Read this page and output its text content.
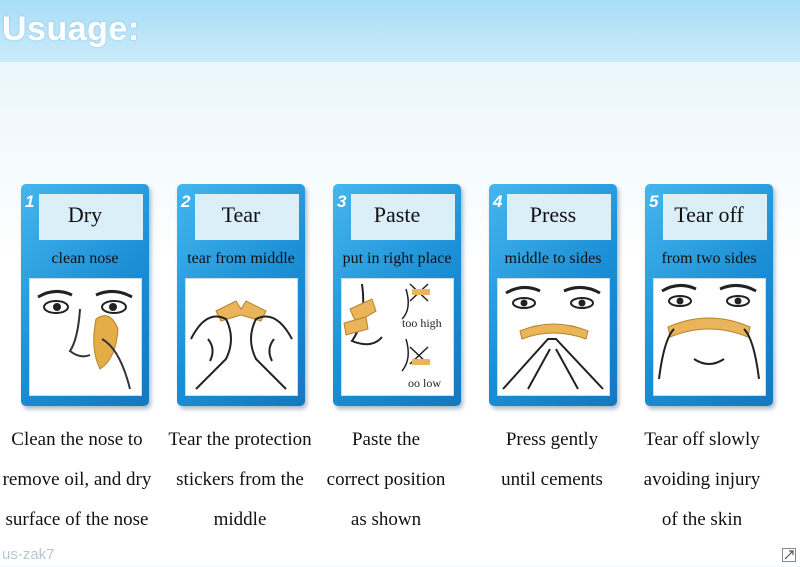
Usuage:
1
Dry
clean nose
2
Tear
tear from middle
3
Paste
put in right place
too high
oo low
4
Press
middle to sides
5
Tear off
from two sides
Clean the nose to
remove oil, and dry
surface of the nose
Tear the protection
stickers from the
middle
Paste the
correct position
as shown
Press gently
until cements
Tear off slowly
avoiding injury
of the skin
us-zak7
